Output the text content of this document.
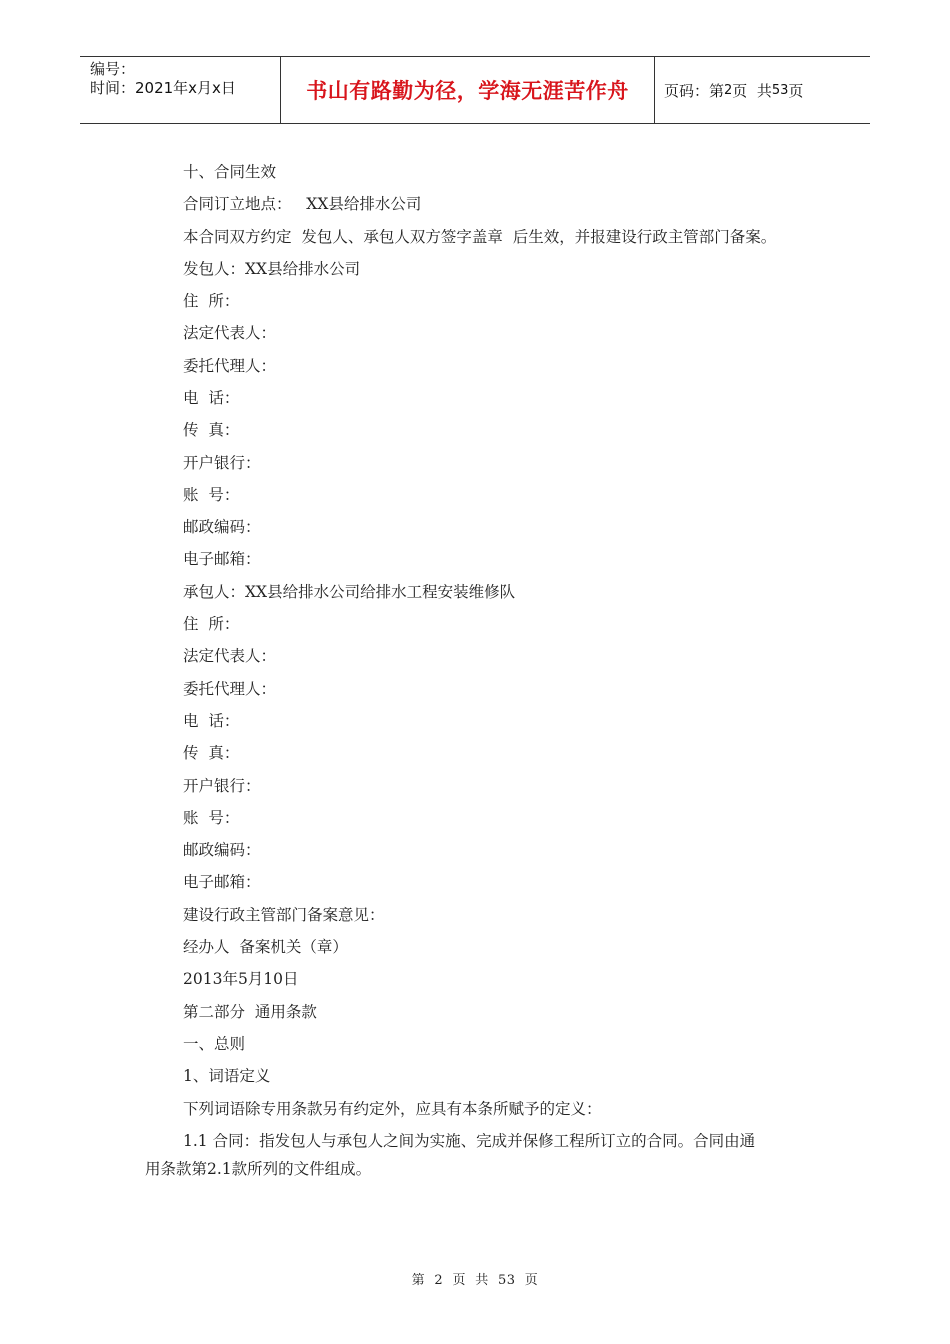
编号：
时间：2021年x月x日	书山有路勤为径，学海无涯苦作舟 页码：第 2 页  共 53 页
十、合同生效
合同订立地点：   XX县给排水公司
本合同双方约定  发包人、承包人双方签字盖章  后生效，并报建设行政主管部门备案。
发包人：XX县给排水公司
住  所：
法定代表人：
委托代理人：
电  话：
传  真：
开户银行：
账  号：
邮政编码：
电子邮箱：
承包人：XX县给排水公司给排水工程安装维修队
住  所：
法定代表人：
委托代理人：
电  话：
传  真：
开户银行：
账  号：
邮政编码：
电子邮箱：
建设行政主管部门备案意见：
经办人  备案机关（章）
2013年5月10日
第二部分  通用条款
一、总则
1、词语定义
下列词语除专用条款另有约定外，应具有本条所赋予的定义：
1.1 合同：指发包人与承包人之间为实施、完成并保修工程所订立的合同。合同由通
用条款第2.1款所列的文件组成。
第  2  页  共  53  页
